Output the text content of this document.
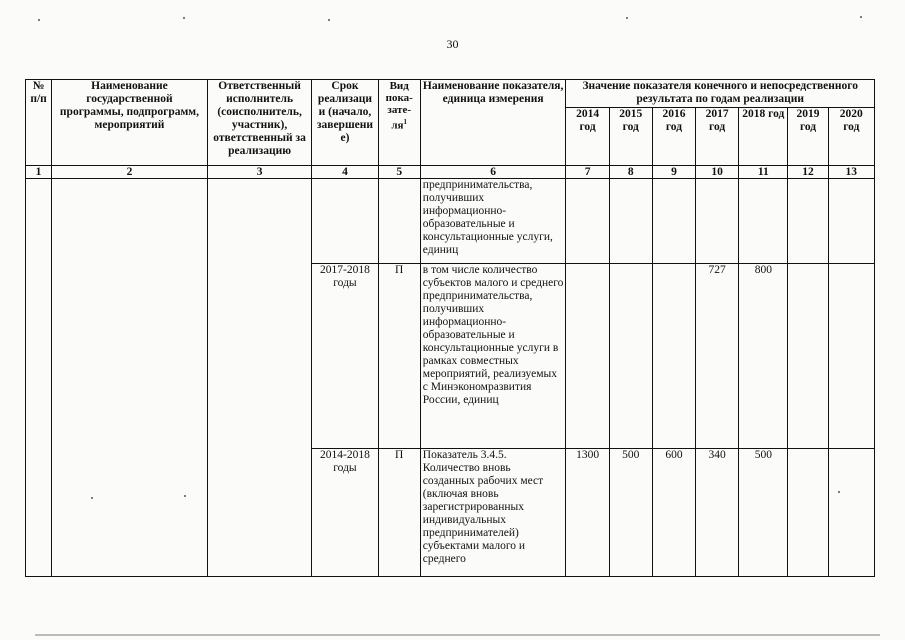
30
№ п/п	Наименование государственной программы, подпрограмм, мероприятий	Ответственный исполнитель (соисполнитель, участник), ответственный за реализацию	Срок реализаци и (начало, завершени е)	Вид пока-$зате-ля^1$	Наименование показателя, единица измерения	Значение показателя конечного и непосредственного результата по годам реализации						
						2014 год	2015 год	2016 год	2017 год	2018 год	2019 год	2020 год
1	2	3	4	5	6	7	8	9	10	11	12	13
					предпринимательства, получивших информационно-образовательные и консультационные услуги, единиц							
			2017-2018 годы	П	в том числе количество субъектов малого и среднего предпринимательства, получивших информационно-образовательные и консультационные услуги в рамках совместных мероприятий, реализуемых с Минэкономразвития России, единиц				727	800		
			2014-2018 годы	П	Показатель 3.4.5. Количество вновь созданных рабочих мест (включая вновь зарегистрированных индивидуальных предпринимателей) субъектами малого и среднего	1300	500	600	340	500		
